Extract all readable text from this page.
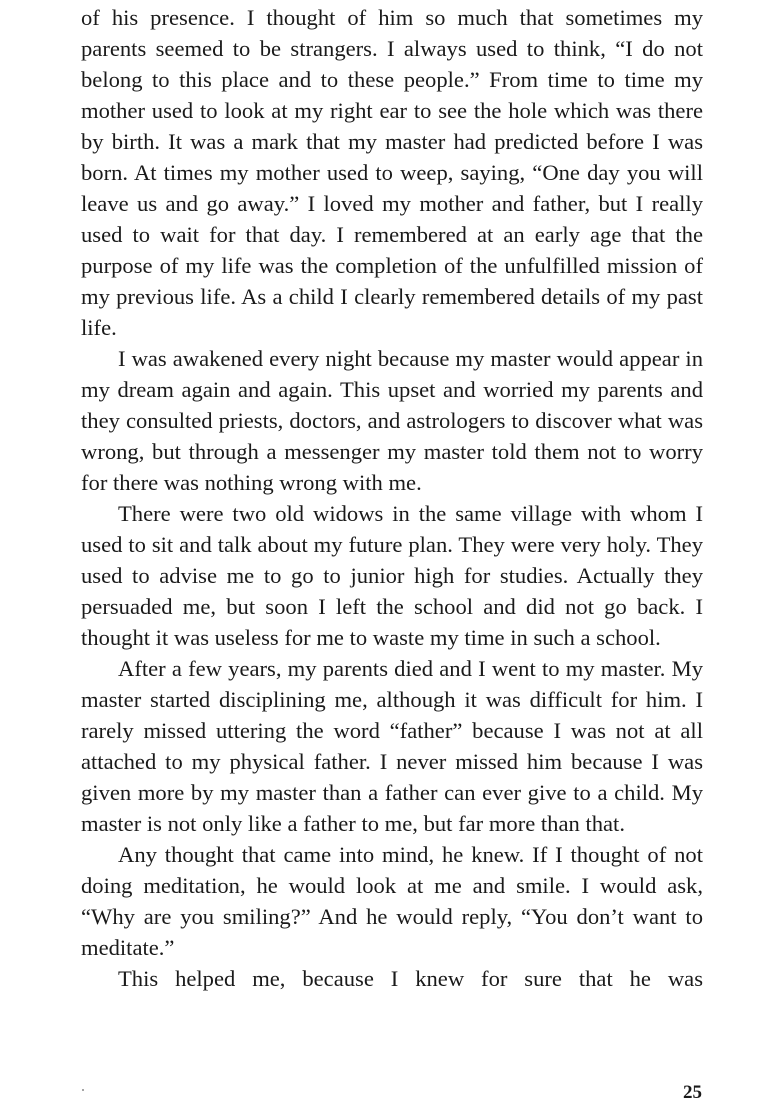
of his presence. I thought of him so much that sometimes my parents seemed to be strangers. I always used to think, “I do not belong to this place and to these people.” From time to time my mother used to look at my right ear to see the hole which was there by birth. It was a mark that my master had predicted before I was born. At times my mother used to weep, saying, “One day you will leave us and go away.” I loved my mother and father, but I really used to wait for that day. I remembered at an early age that the purpose of my life was the completion of the unfulfilled mission of my previous life. As a child I clearly remembered details of my past life.

I was awakened every night because my master would appear in my dream again and again. This upset and worried my parents and they consulted priests, doctors, and astrologers to discover what was wrong, but through a messenger my master told them not to worry for there was nothing wrong with me.

There were two old widows in the same village with whom I used to sit and talk about my future plan. They were very holy. They used to advise me to go to junior high for studies. Actually they persuaded me, but soon I left the school and did not go back. I thought it was useless for me to waste my time in such a school.

After a few years, my parents died and I went to my master. My master started disciplining me, although it was difficult for him. I rarely missed uttering the word “father” because I was not at all attached to my physical father. I never missed him because I was given more by my master than a father can ever give to a child. My master is not only like a father to me, but far more than that.

Any thought that came into mind, he knew. If I thought of not doing meditation, he would look at me and smile. I would ask, “Why are you smiling?” And he would reply, “You don’t want to meditate.”

This helped me, because I knew for sure that he was

25
